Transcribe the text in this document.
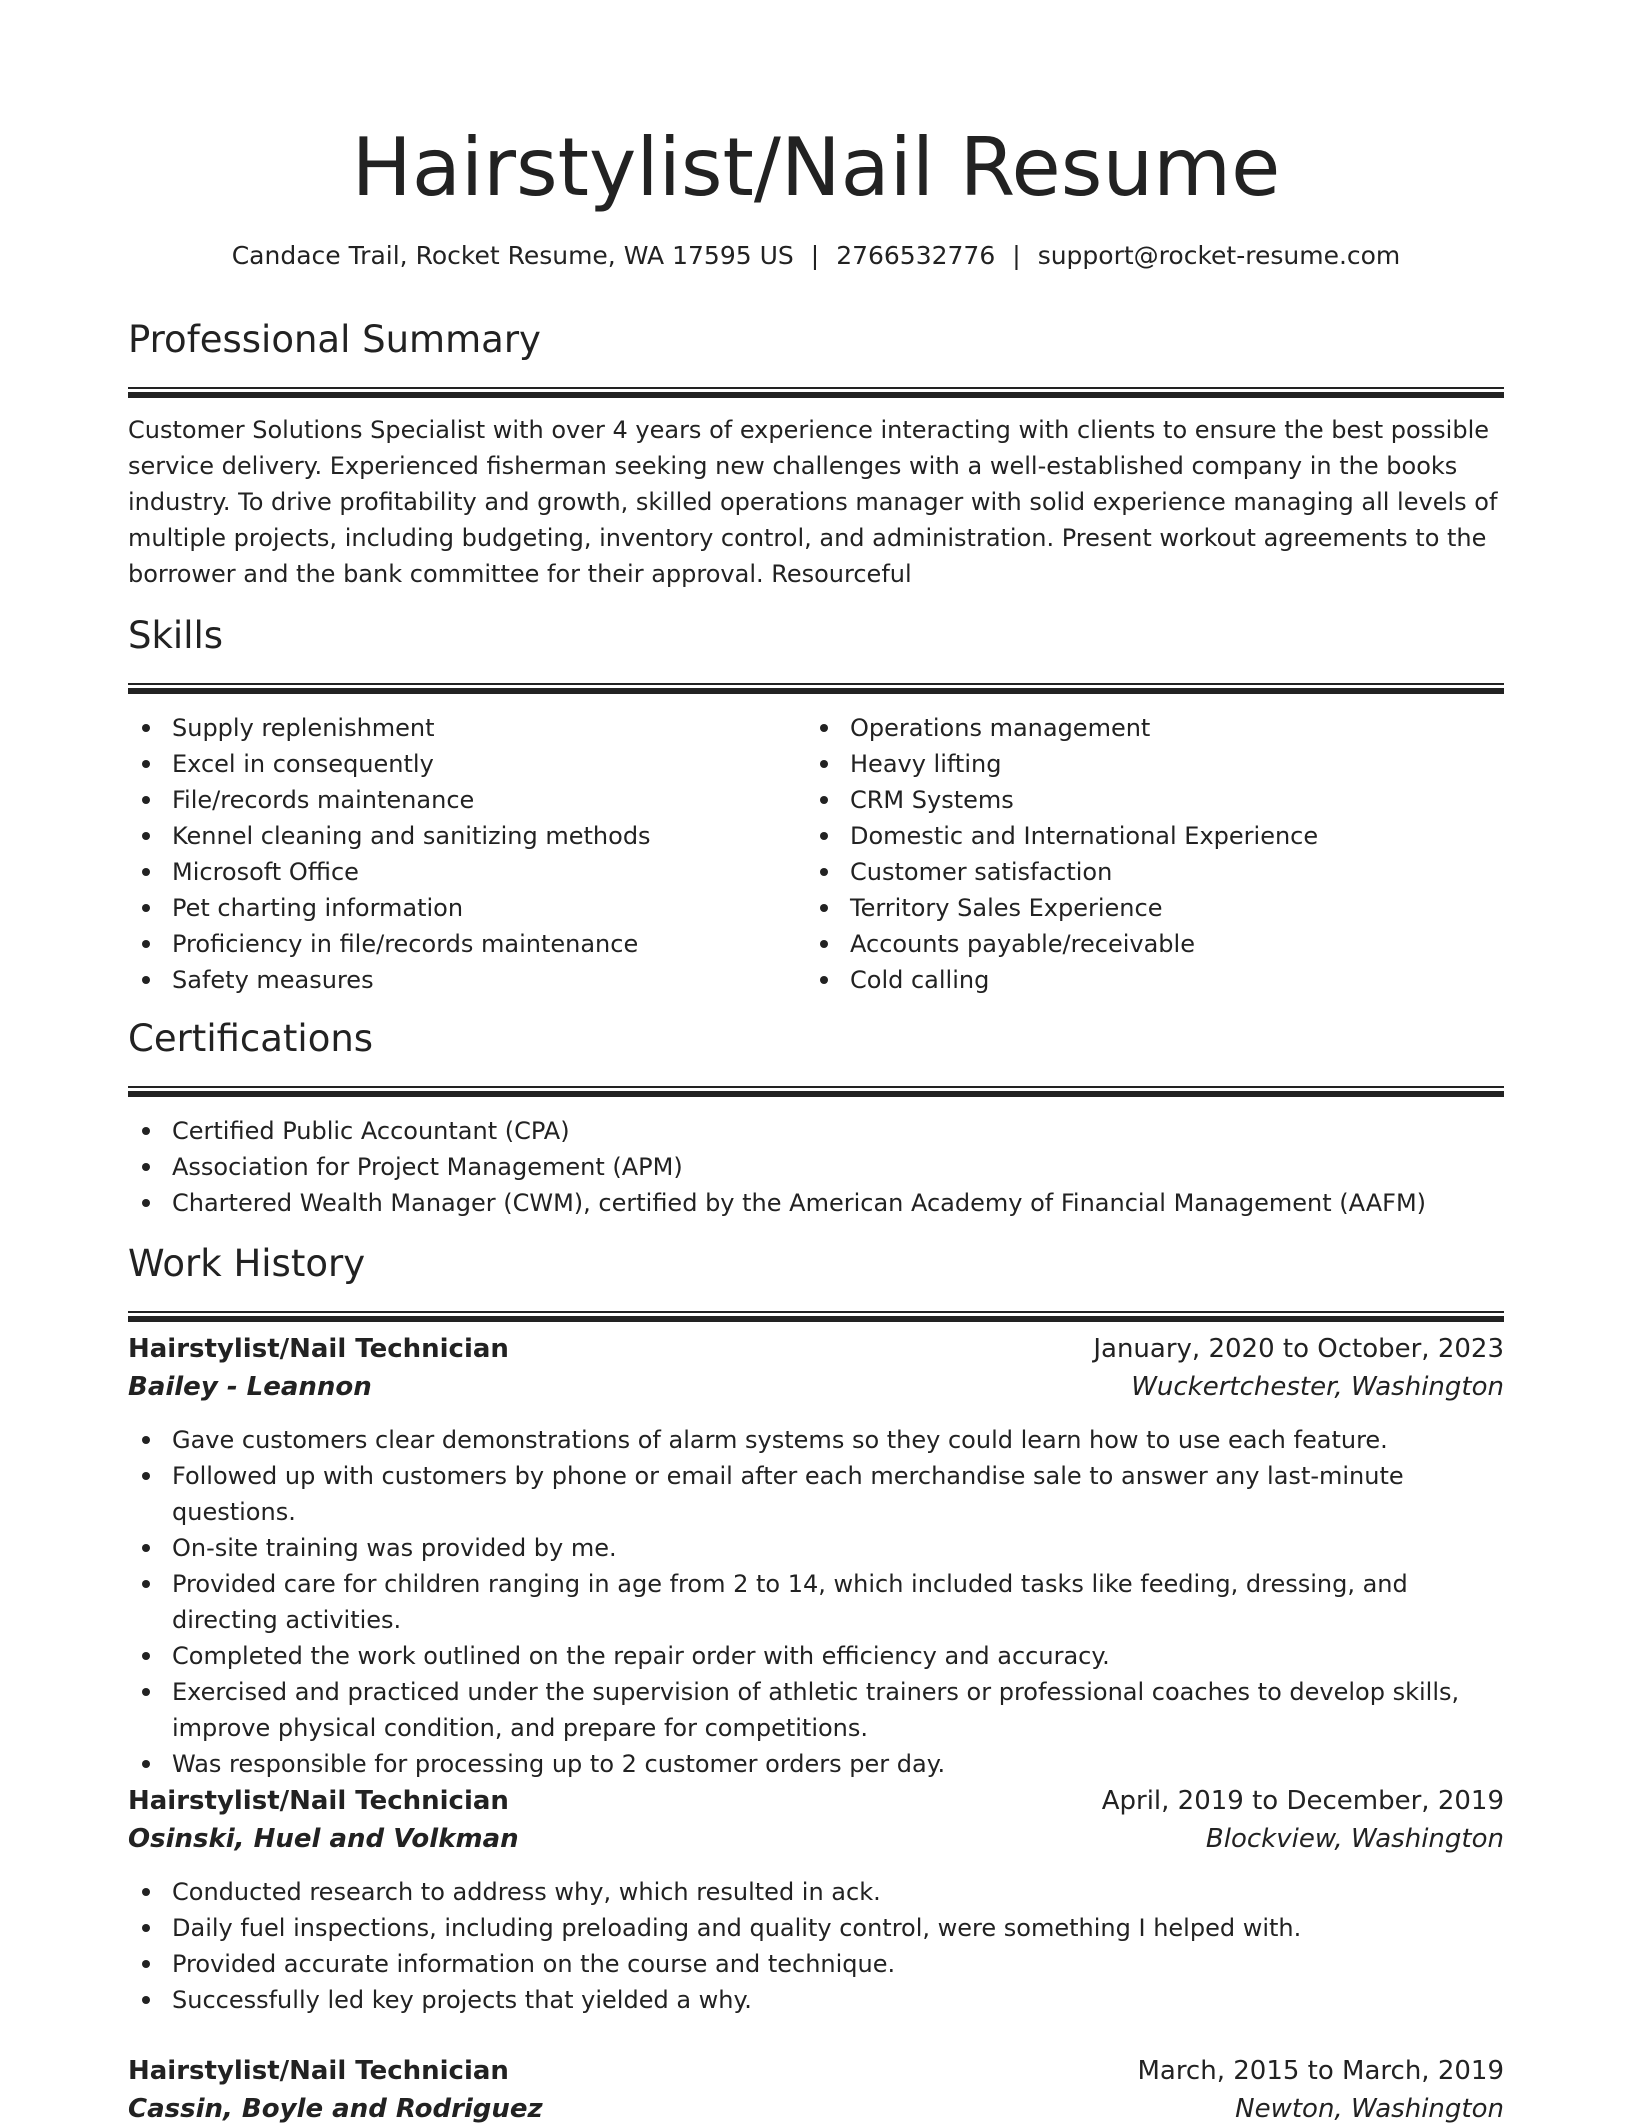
Hairstylist/Nail Resume
Candace Trail, Rocket Resume, WA 17595 US | 2766532776 | support@rocket-resume.com
Professional Summary

Customer Solutions Specialist with over 4 years of experience interacting with clients to ensure the best possible service delivery. Experienced fisherman seeking new challenges with a well-established company in the books industry. To drive profitability and growth, skilled operations manager with solid experience managing all levels of multiple projects, including budgeting, inventory control, and administration. Present workout agreements to the borrower and the bank committee for their approval. Resourceful

Skills
Supply replenishment
Excel in consequently
File/records maintenance
Kennel cleaning and sanitizing methods
Microsoft Office
Pet charting information
Proficiency in file/records maintenance
Safety measures
Operations management
Heavy lifting
CRM Systems
Domestic and International Experience
Customer satisfaction
Territory Sales Experience
Accounts payable/receivable
Cold calling
Certifications
Certified Public Accountant (CPA)
Association for Project Management (APM)
Chartered Wealth Manager (CWM), certified by the American Academy of Financial Management (AAFM)
Work History
Hairstylist/Nail Technician	January, 2020 to October, 2023
Bailey - Leannon	Wuckertchester, Washington
Gave customers clear demonstrations of alarm systems so they could learn how to use each feature.
Followed up with customers by phone or email after each merchandise sale to answer any last-minute questions.
On-site training was provided by me.
Provided care for children ranging in age from 2 to 14, which included tasks like feeding, dressing, and directing activities.
Completed the work outlined on the repair order with efficiency and accuracy.
Exercised and practiced under the supervision of athletic trainers or professional coaches to develop skills, improve physical condition, and prepare for competitions.
Was responsible for processing up to 2 customer orders per day.
Hairstylist/Nail Technician	April, 2019 to December, 2019
Osinski, Huel and Volkman	Blockview, Washington
Conducted research to address why, which resulted in ack.
Daily fuel inspections, including preloading and quality control, were something I helped with.
Provided accurate information on the course and technique.
Successfully led key projects that yielded a why.
Hairstylist/Nail Technician	March, 2015 to March, 2019
Cassin, Boyle and Rodriguez	Newton, Washington
